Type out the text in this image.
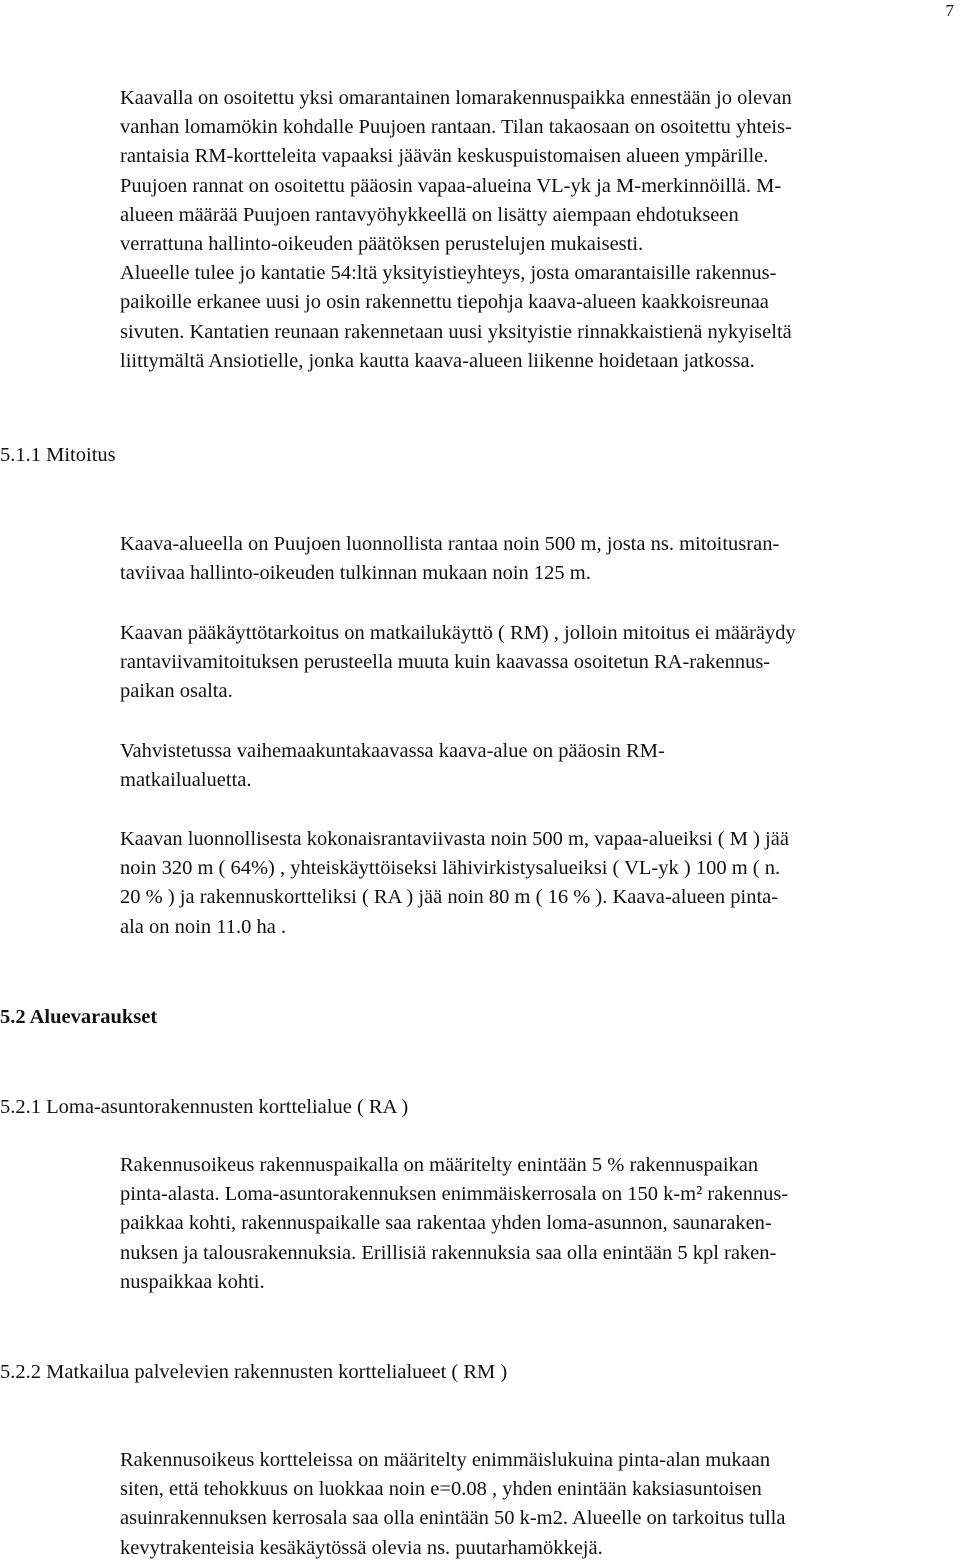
7

Kaavalla on osoitettu yksi omarantainen lomarakennuspaikka ennestään jo olevan
vanhan lomamökin kohdalle Puujoen rantaan. Tilan takaosaan on osoitettu yhteis-
rantaisia RM-kortteleita vapaaksi jäävän keskuspuistomaisen alueen ympärille.
Puujoen rannat on osoitettu pääosin vapaa-alueina VL-yk ja M-merkinnöillä. M-
alueen määrää Puujoen rantavyöhykkeellä on lisätty aiempaan ehdotukseen
verrattuna hallinto-oikeuden päätöksen perustelujen mukaisesti.
Alueelle tulee jo kantatie 54:ltä yksityistieyhteys, josta omarantaisille rakennus-
paikoille erkanee uusi jo osin rakennettu tiepohja kaava-alueen kaakkoisreunaa
sivuten. Kantatien reunaan rakennetaan uusi yksityistie rinnakkaistienä nykyiseltä
liittymältä Ansiotielle, jonka kautta kaava-alueen liikenne hoidetaan jatkossa.

5.1.1 Mitoitus

Kaava-alueella on Puujoen luonnollista rantaa noin 500 m, josta ns. mitoitusran-
taviivaa hallinto-oikeuden tulkinnan mukaan noin 125 m.

Kaavan pääkäyttötarkoitus on matkailukäyttö ( RM) , jolloin mitoitus ei määräydy
rantaviivamitoituksen perusteella muuta kuin kaavassa osoitetun RA-rakennus-
paikan osalta.

Vahvistetussa vaihemaakuntakaavassa kaava-alue on pääosin RM-
matkailualuetta.

Kaavan luonnollisesta kokonaisrantaviivasta noin 500 m, vapaa-alueiksi ( M ) jää
noin 320 m ( 64%) , yhteiskäyttöiseksi lähivirkistysalueiksi ( VL-yk ) 100 m ( n.
20 % ) ja rakennuskortteliksi ( RA ) jää noin 80 m ( 16 % ). Kaava-alueen pinta-
ala on noin 11.0 ha .

5.2 Aluevaraukset
5.2.1 Loma-asuntorakennusten korttelialue ( RA )

Rakennusoikeus rakennuspaikalla on määritelty enintään 5 % rakennuspaikan
pinta-alasta. Loma-asuntorakennuksen enimmäiskerrosala on 150 k-m² rakennus-
paikkaa kohti, rakennuspaikalle saa rakentaa yhden loma-asunnon, saunaraken-
nuksen ja talousrakennuksia. Erillisiä rakennuksia saa olla enintään 5 kpl raken-
nuspaikkaa kohti.

5.2.2 Matkailua palvelevien rakennusten korttelialueet ( RM )

Rakennusoikeus kortteleissa on määritelty enimmäislukuina pinta-alan mukaan
siten, että tehokkuus on luokkaa noin e=0.08 , yhden enintään kaksiasuntoisen
asuinrakennuksen kerrosala saa olla enintään 50 k-m2. Alueelle on tarkoitus tulla
kevytrakenteisia kesäkäytössä olevia ns. puutarhamökkejä.
